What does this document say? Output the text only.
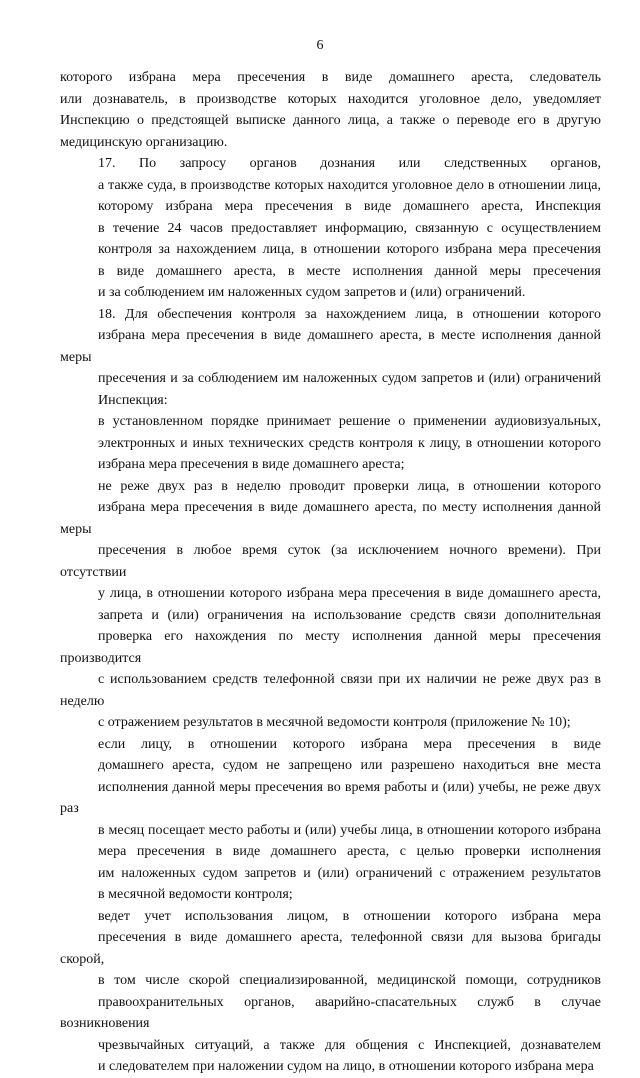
6

которого избрана мера пресечения в виде домашнего ареста, следователь
или дознаватель, в производстве которых находится уголовное дело, уведомляет
Инспекцию о предстоящей выписке данного лица, а также о переводе его в другую
медицинскую организацию.

17. По запросу органов дознания или следственных органов,
а также суда, в производстве которых находится уголовное дело в отношении лица,
которому избрана мера пресечения в виде домашнего ареста, Инспекция
в течение 24 часов предоставляет информацию, связанную с осуществлением
контроля за нахождением лица, в отношении которого избрана мера пресечения
в виде домашнего ареста, в месте исполнения данной меры пресечения
и за соблюдением им наложенных судом запретов и (или) ограничений.

18. Для обеспечения контроля за нахождением лица, в отношении которого
избрана мера пресечения в виде домашнего ареста, в месте исполнения данной меры
пресечения и за соблюдением им наложенных судом запретов и (или) ограничений
Инспекция:

в установленном порядке принимает решение о применении аудиовизуальных,
электронных и иных технических средств контроля к лицу, в отношении которого
избрана мера пресечения в виде домашнего ареста;

не реже двух раз в неделю проводит проверки лица, в отношении которого
избрана мера пресечения в виде домашнего ареста, по месту исполнения данной меры
пресечения в любое время суток (за исключением ночного времени). При отсутствии
у лица, в отношении которого избрана мера пресечения в виде домашнего ареста,
запрета и (или) ограничения на использование средств связи дополнительная
проверка его нахождения по месту исполнения данной меры пресечения производится
с использованием средств телефонной связи при их наличии не реже двух раз в неделю
с отражением результатов в месячной ведомости контроля (приложение № 10);

если лицу, в отношении которого избрана мера пресечения в виде
домашнего ареста, судом не запрещено или разрешено находиться вне места
исполнения данной меры пресечения во время работы и (или) учебы, не реже двух раз
в месяц посещает место работы и (или) учебы лица, в отношении которого избрана
мера пресечения в виде домашнего ареста, с целью проверки исполнения
им наложенных судом запретов и (или) ограничений с отражением результатов
в месячной ведомости контроля;

ведет учет использования лицом, в отношении которого избрана мера
пресечения в виде домашнего ареста, телефонной связи для вызова бригады скорой,
в том числе скорой специализированной, медицинской помощи, сотрудников
правоохранительных органов, аварийно-спасательных служб в случае возникновения
чрезвычайных ситуаций, а также для общения с Инспекцией, дознавателем
и следователем при наложении судом на лицо, в отношении которого избрана мера
